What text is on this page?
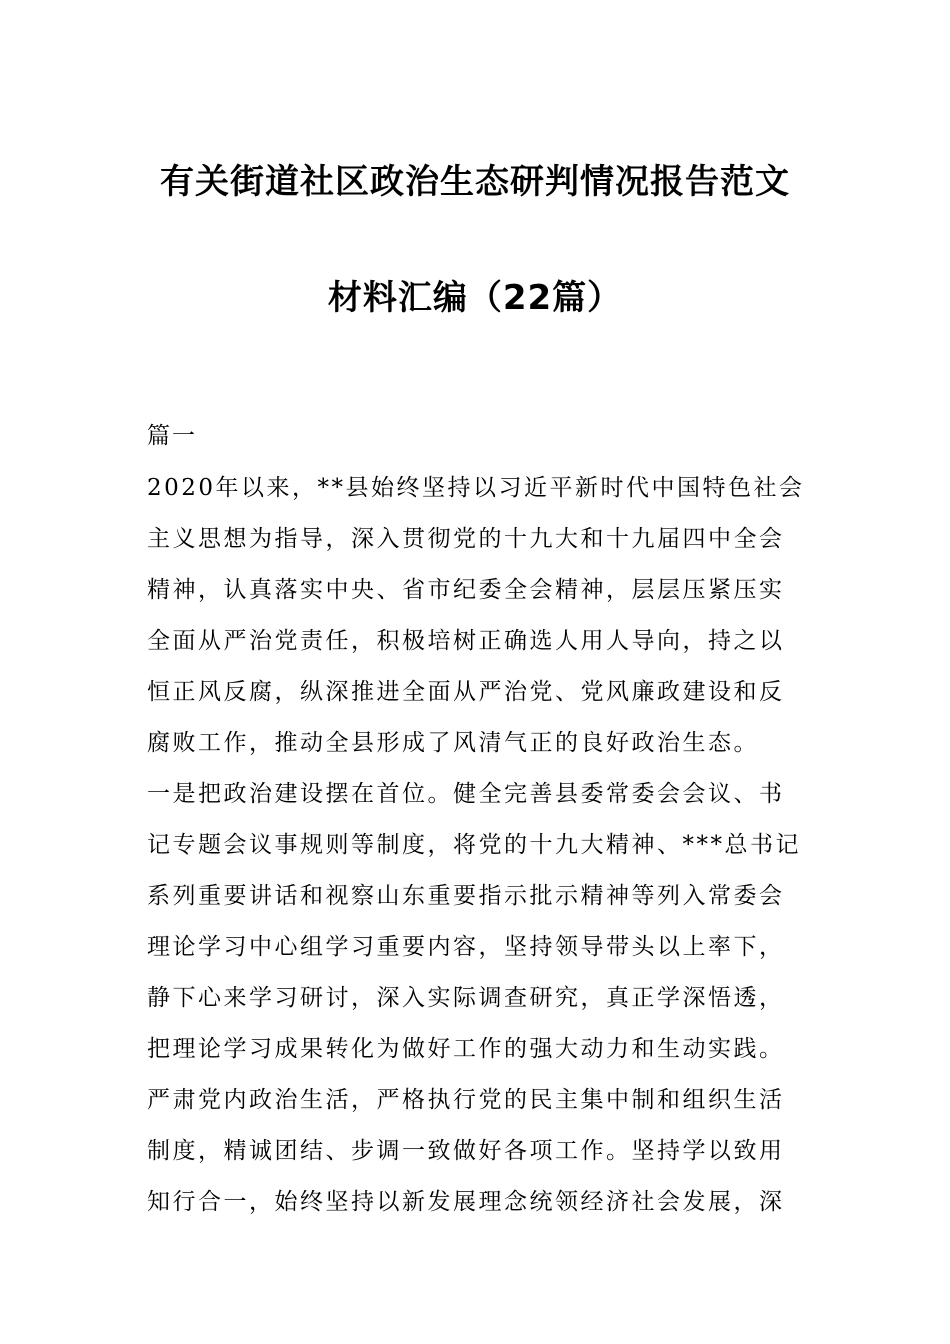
有关街道社区政治生态研判情况报告范文
材料汇编（22篇）
篇一
2020年以来，**县始终坚持以习近平新时代中国特色社会
主义思想为指导，深入贯彻党的十九大和十九届四中全会
精神，认真落实中央、省市纪委全会精神，层层压紧压实
全面从严治党责任，积极培树正确选人用人导向，持之以
恒正风反腐，纵深推进全面从严治党、党风廉政建设和反
腐败工作，推动全县形成了风清气正的良好政治生态。
一是把政治建设摆在首位。健全完善县委常委会会议、书
记专题会议事规则等制度，将党的十九大精神、***总书记
系列重要讲话和视察山东重要指示批示精神等列入常委会
理论学习中心组学习重要内容，坚持领导带头以上率下，
静下心来学习研讨，深入实际调查研究，真正学深悟透，
把理论学习成果转化为做好工作的强大动力和生动实践。
严肃党内政治生活，严格执行党的民主集中制和组织生活
制度，精诚团结、步调一致做好各项工作。坚持学以致用
知行合一，始终坚持以新发展理念统领经济社会发展，深
